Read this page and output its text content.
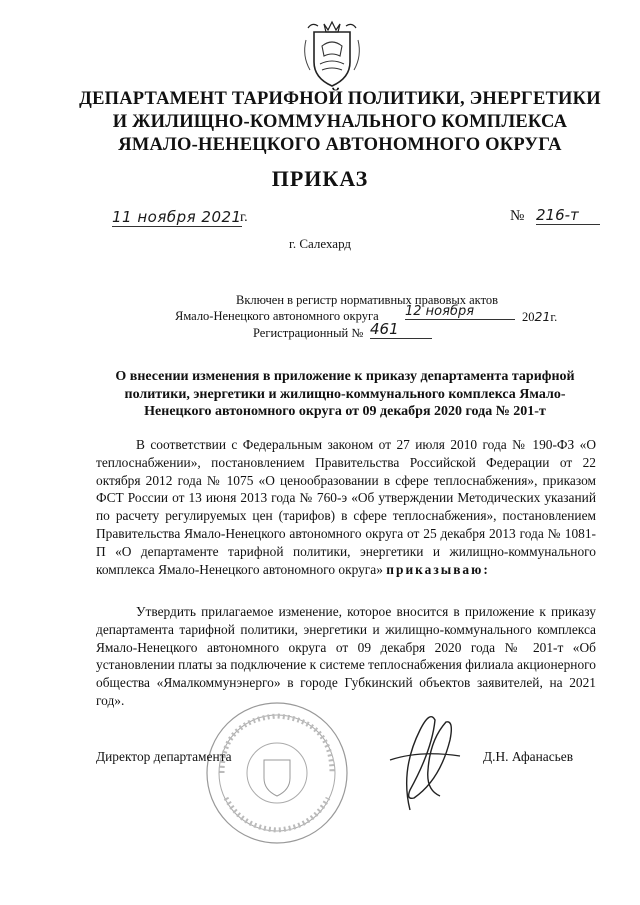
ДЕПАРТАМЕНТ ТАРИФНОЙ ПОЛИТИКИ, ЭНЕРГЕТИКИ
И ЖИЛИЩНО-КОММУНАЛЬНОГО КОМПЛЕКСА
ЯМАЛО-НЕНЕЦКОГО АВТОНОМНОГО ОКРУГА
ПРИКАЗ
11 ноября 2021
г.	№ 216-т
г. Салехард
Включен в регистр нормативных правовых актов
Ямало-Ненецкого автономного округа 12 ноября	2021г.
Регистрационный № 461
О внесении изменения в приложение к приказу департамента тарифной политики, энергетики и жилищно-коммунального комплекса Ямало-Ненецкого автономного округа от 09 декабря 2020 года № 201-т

В соответствии с Федеральным законом от 27 июля 2010 года № 190-ФЗ «О теплоснабжении», постановлением Правительства Российской Федерации от 22 октября 2012 года № 1075 «О ценообразовании в сфере теплоснабжения», приказом ФСТ России от 13 июня 2013 года № 760-э «Об утверждении Методических указаний по расчету регулируемых цен (тарифов) в сфере теплоснабжения», постановлением Правительства Ямало-Ненецкого автономного округа от 25 декабря 2013 года № 1081-П «О департаменте тарифной политики, энергетики и жилищно-коммунального комплекса Ямало-Ненецкого автономного округа» приказываю:

Утвердить прилагаемое изменение, которое вносится в приложение к приказу департамента тарифной политики, энергетики и жилищно-коммунального комплекса Ямало-Ненецкого автономного округа от 09 декабря 2020 года № 201-т «Об установлении платы за подключение к системе теплоснабжения филиала акционерного общества «Ямалкоммунэнерго» в городе Губкинский объектов заявителей, на 2021 год».

Директор департамента	Д.Н. Афанасьев
